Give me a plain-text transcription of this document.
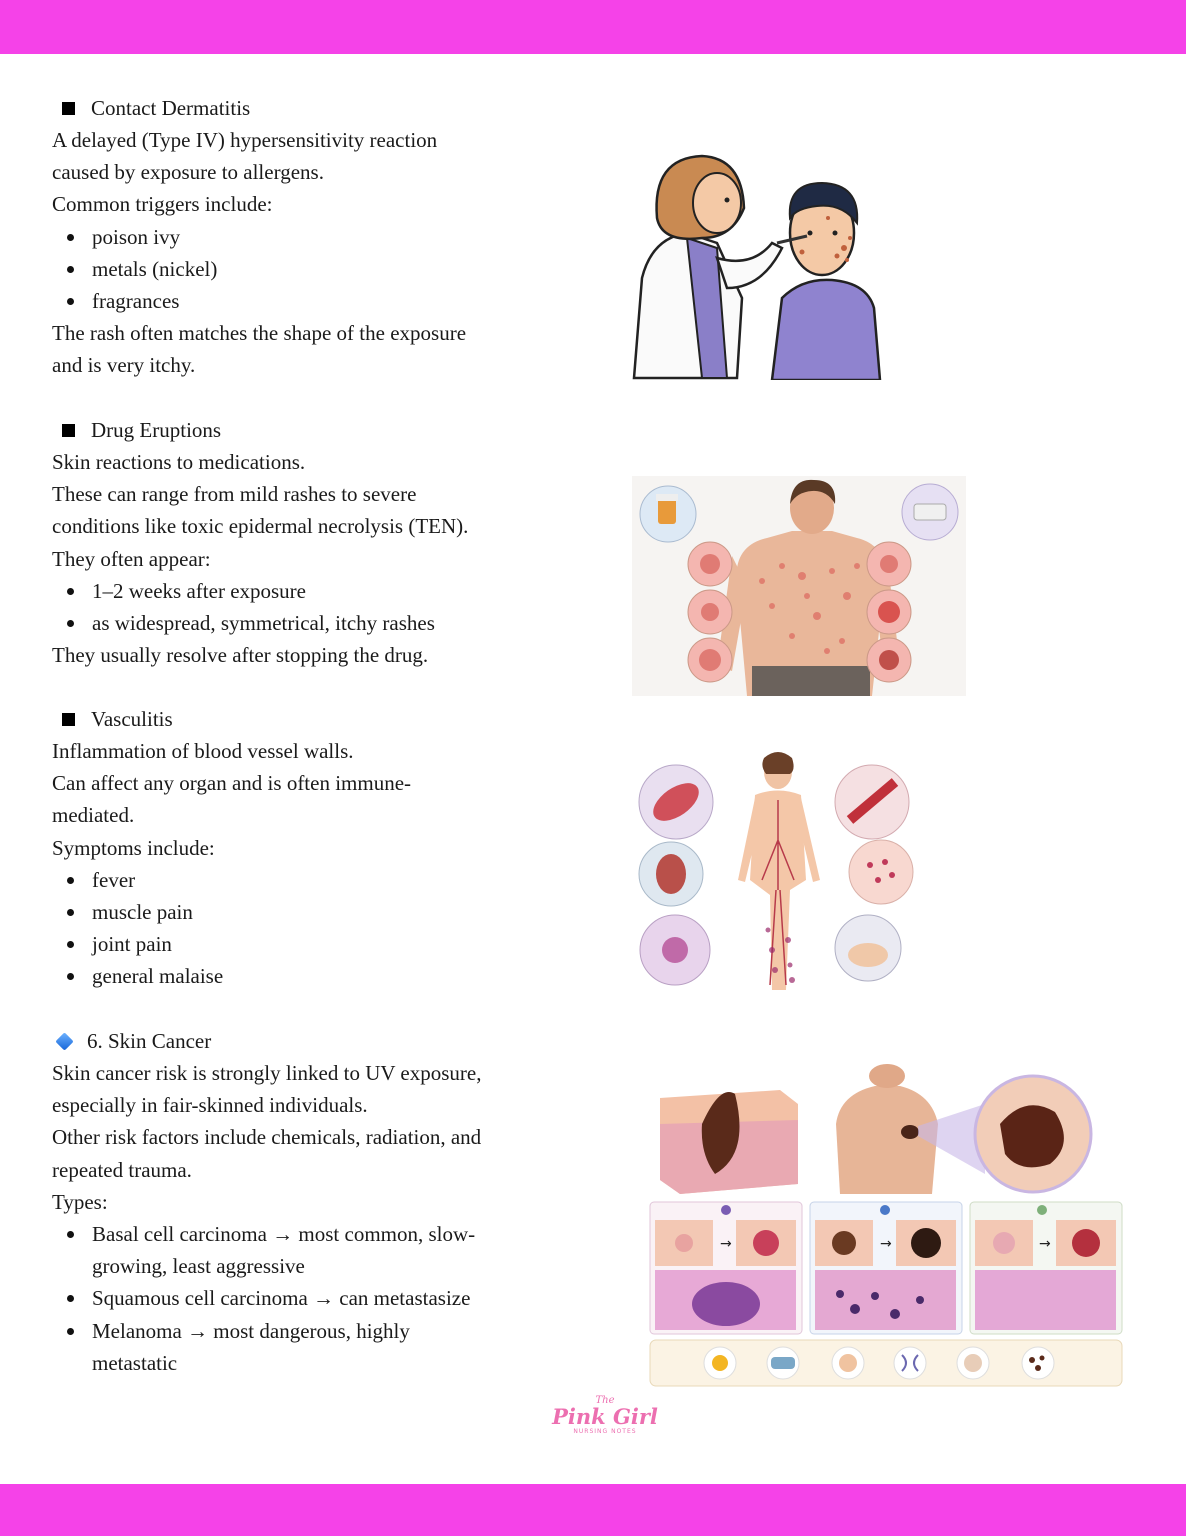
Contact Dermatitis
A delayed (Type IV) hypersensitivity reaction
caused by exposure to allergens.
Common triggers include:
poison ivy
metals (nickel)
fragrances
The rash often matches the shape of the exposure
and is very itchy.
Drug Eruptions
Skin reactions to medications.
These can range from mild rashes to severe
conditions like toxic epidermal necrolysis (TEN).
They often appear:
1–2 weeks after exposure
as widespread, symmetrical, itchy rashes
They usually resolve after stopping the drug.
Vasculitis
Inflammation of blood vessel walls.
Can affect any organ and is often immune-
mediated.
Symptoms include:
fever
muscle pain
joint pain
general malaise
6. Skin Cancer
Skin cancer risk is strongly linked to UV exposure,
especially in fair-skinned individuals.
Other risk factors include chemicals, radiation, and
repeated trauma.
Types:
Basal cell carcinoma → most common, slow-
growing, least aggressive
Squamous cell carcinoma → can metastasize
Melanoma → most dangerous, highly
metastatic
→	→	→
The
Pink Girl
NURSING NOTES
